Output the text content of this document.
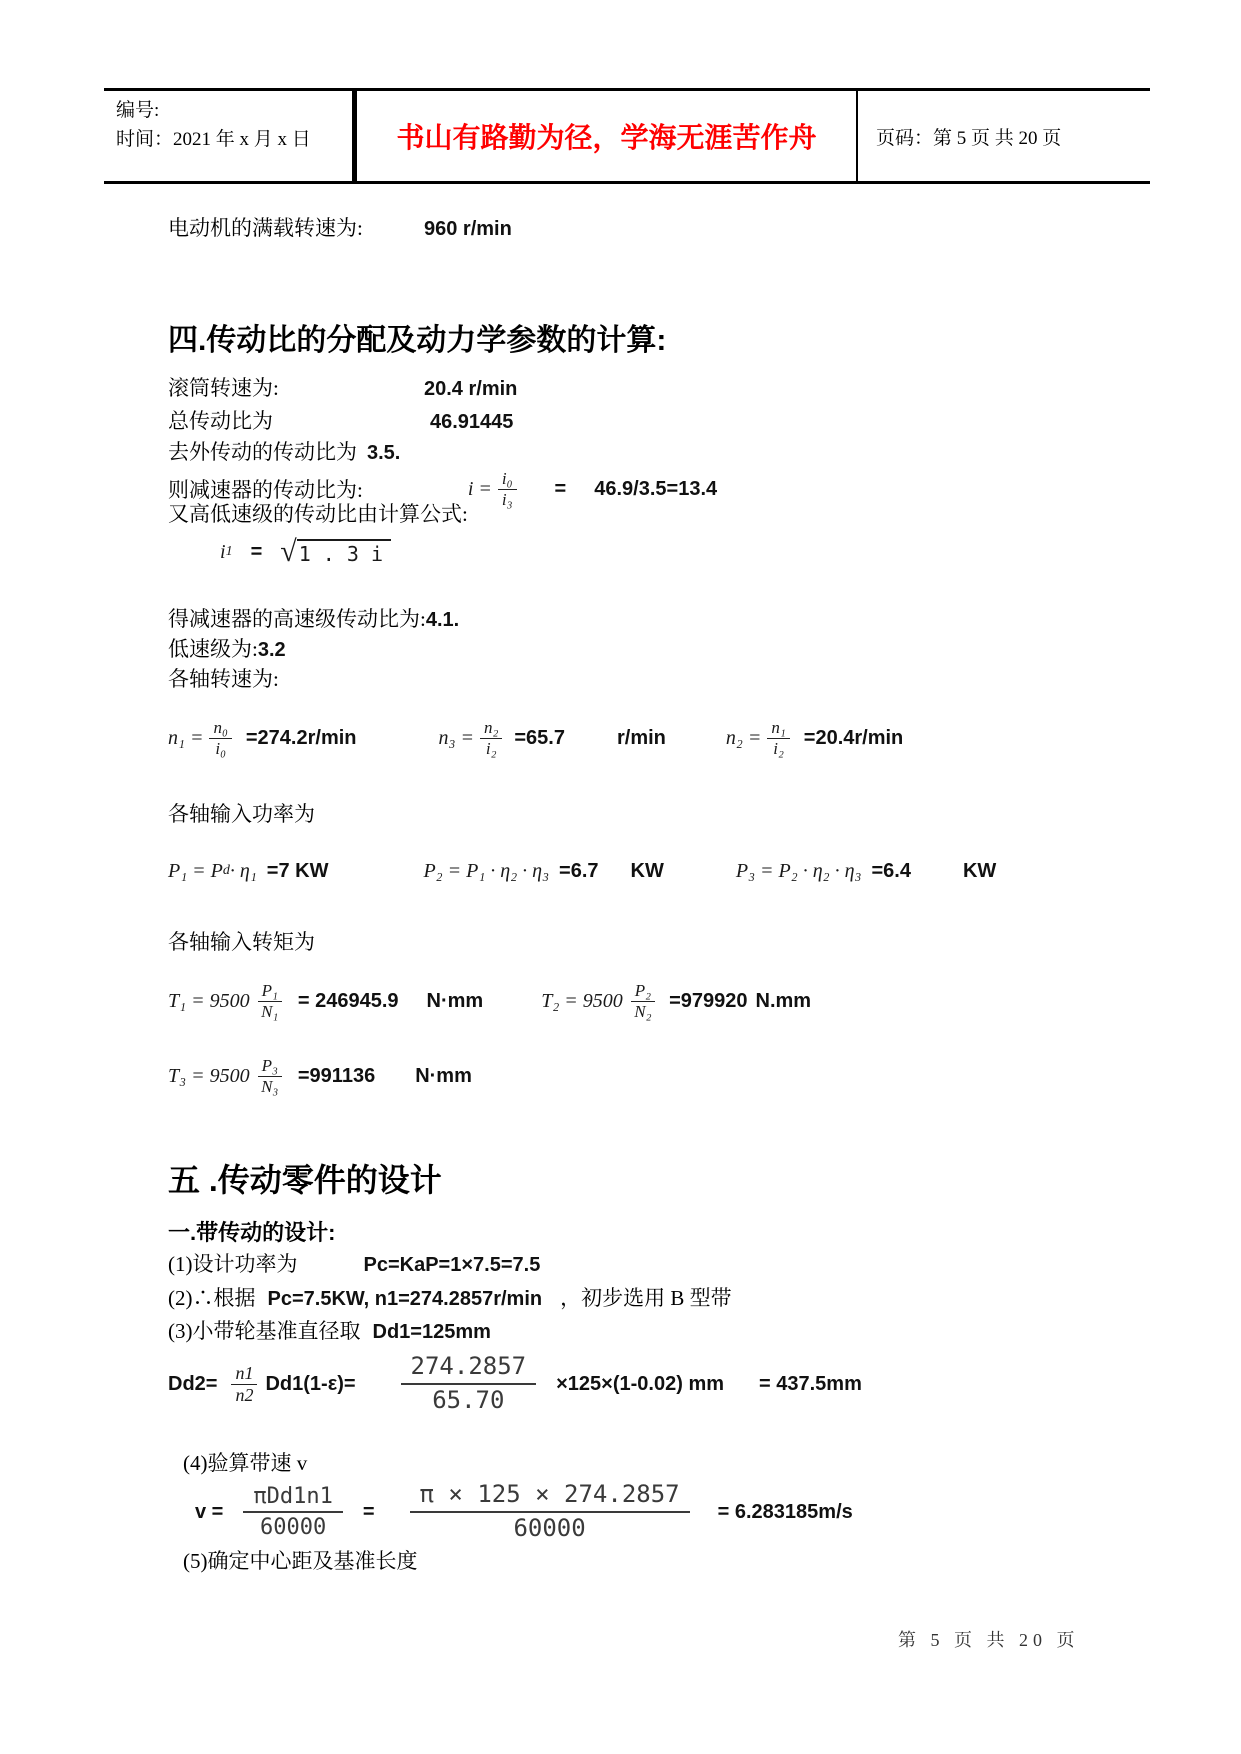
编号:
时间：2021 年 x 月 x 日	书山有路勤为径，学海无涯苦作舟	页码：第 5 页 共 20 页
电动机的满载转速为:	960 r/min
四.传动比的分配及动力学参数的计算:
滚筒转速为:	20.4 r/min
总传动比为	46.91445
去外传动的传动比为 3.5.
则减速器的传动比为:	$i = \frac{\text{i₀}}{\text{i₃}} = 46.9/3.5=13.4$
又高低速级的传动比由计算公式:
i 1 = √ 1 . 3 i
得减速器的高速级传动比为:4.1.
低速级为:3.2
各轴转速为:
$n_1 = \frac{\text{n₀}}{\text{i₀}} =274.2r/\min$	$n_3 = \frac{\text{n₂}}{\text{i₂}} =65.7$	r/min	$n_2 = \frac{\text{n₁}}{\text{i₂}} =20.4r/\min$
各轴输入功率为
P₁ = P d · η₁ =7 KW	P₂ = P₁ · η₂ · η₃ =6.7 KW	P₃ = P₂ · η₂ · η₃ =6.4	KW
各轴输入转矩为
$T_1 = 9500 \frac{\text{P₁}}{\text{N₁}} = 246945.9$ N·mm	$T_2 = 9500 \frac{\text{P₂}}{\text{N₂}} =979920$ N.mm
$T_3 = 9500 \frac{\text{P₃}}{\text{N₃}} =991136$ N·mm
五 .传动零件的设计
一.带传动的设计:
(1)设计功率为	Pc=KaP=1×7.5=7.5
(2)∴根据 Pc=7.5KW, n1=274.2857r/min ，初步选用 B 型带
(3)小带轮基准直径取 Dd1=125mm
$Dd2= \frac{n1}{n2} Dd1(1-\varepsilon)= \frac{274.2857}{65.70} \times 125\times(1-0.02)$ mm = 437.5mm
(4)验算带速 v
v =
πDd1n1
60000
= $\frac{\pi \times 125 \times 274.2857}{60000} = 6.283185m/s$
(5)确定中心距及基准长度
第 5 页 共 20 页
